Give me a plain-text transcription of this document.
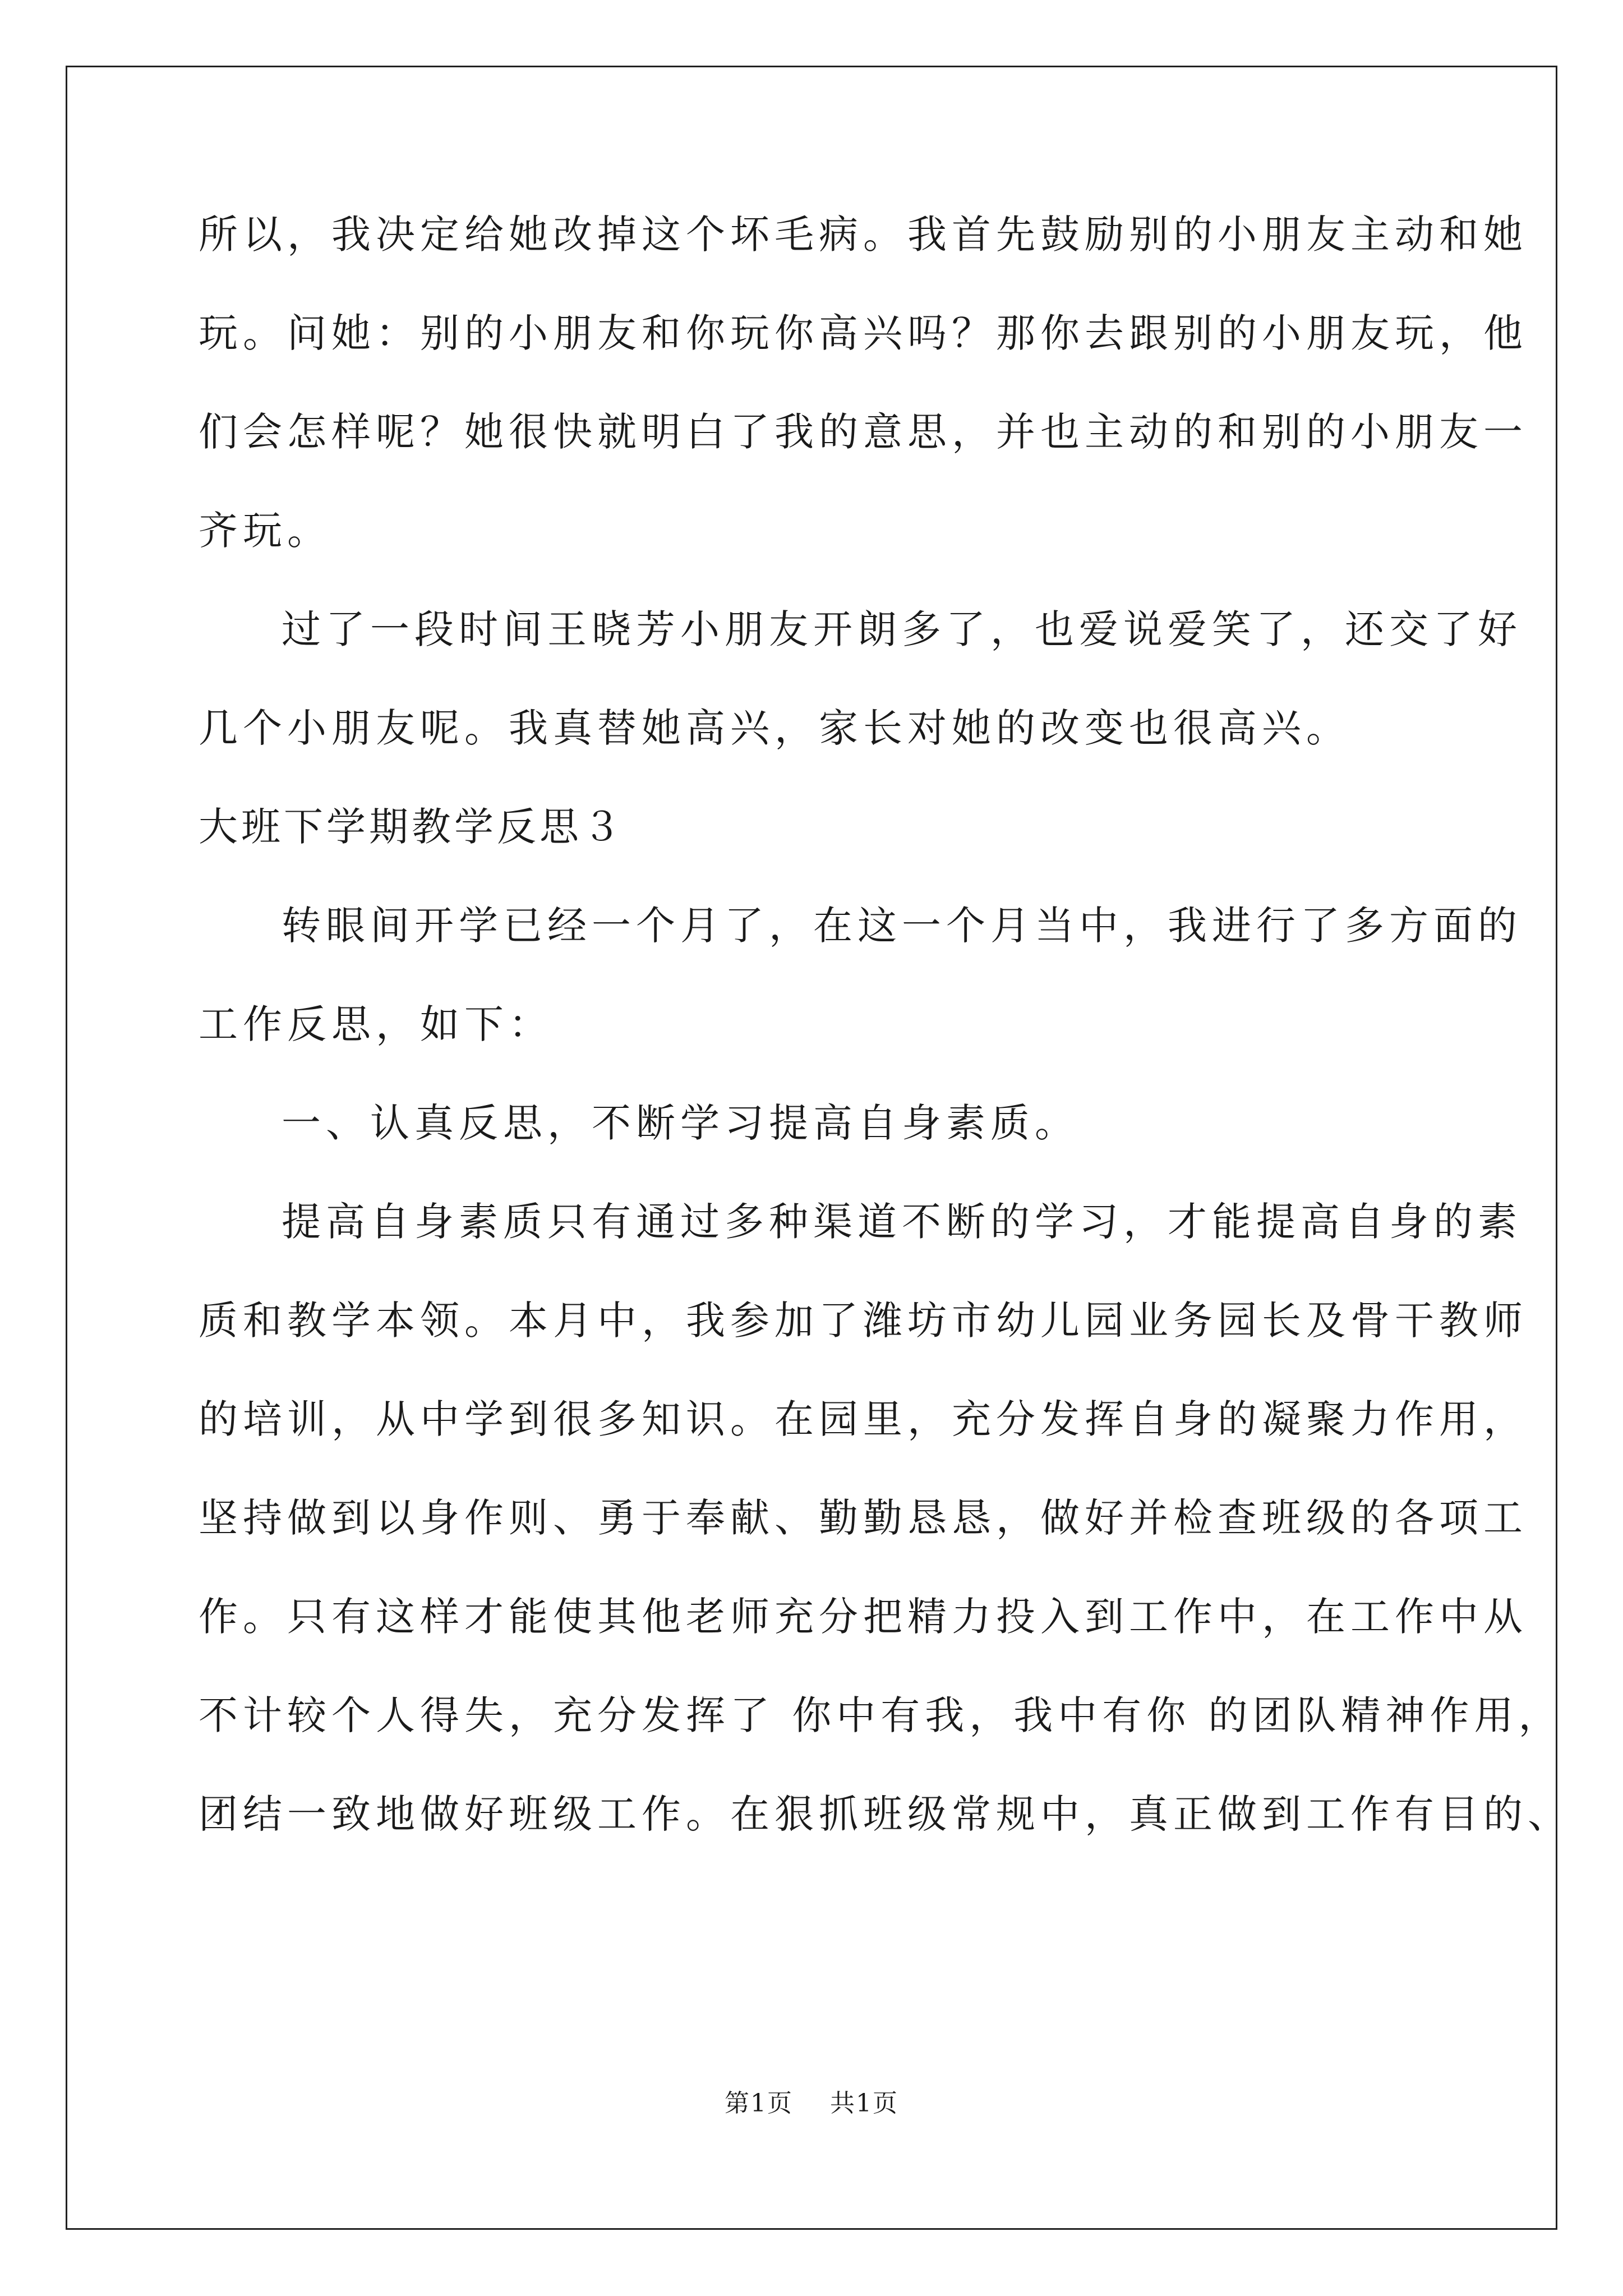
所以，我决定给她改掉这个坏毛病。我首先鼓励别的小朋友主动和她
玩。问她：别的小朋友和你玩你高兴吗？那你去跟别的小朋友玩，他
们会怎样呢？她很快就明白了我的意思，并也主动的和别的小朋友一
齐玩。
过了一段时间王晓芳小朋友开朗多了，也爱说爱笑了，还交了好
几个小朋友呢。我真替她高兴，家长对她的改变也很高兴。
大班下学期教学反思３
转眼间开学已经一个月了，在这一个月当中，我进行了多方面的
工作反思，如下：
一、认真反思，不断学习提高自身素质。
提高自身素质只有通过多种渠道不断的学习，才能提高自身的素
质和教学本领。本月中，我参加了潍坊市幼儿园业务园长及骨干教师
的培训，从中学到很多知识。在园里，充分发挥自身的凝聚力作用，
坚持做到以身作则、勇于奉献、勤勤恳恳，做好并检查班级的各项工
作。只有这样才能使其他老师充分把精力投入到工作中，在工作中从
不计较个人得失，充分发挥了 你中有我，我中有你 的团队精神作用，
团结一致地做好班级工作。在狠抓班级常规中，真正做到工作有目的、
第1页 共1页
